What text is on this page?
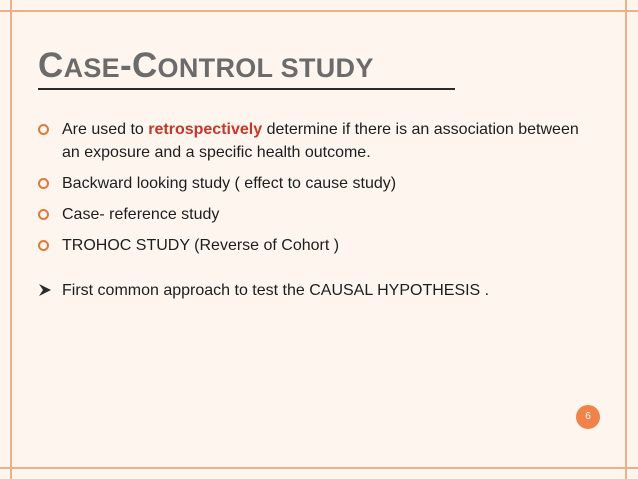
CASE-CONTROL STUDY
Are used to retrospectively determine if there is an association between an exposure and a specific health outcome.
Backward looking study ( effect to cause study)
Case- reference study
TROHOC STUDY (Reverse of Cohort )
First common approach to test the CAUSAL HYPOTHESIS .
6
